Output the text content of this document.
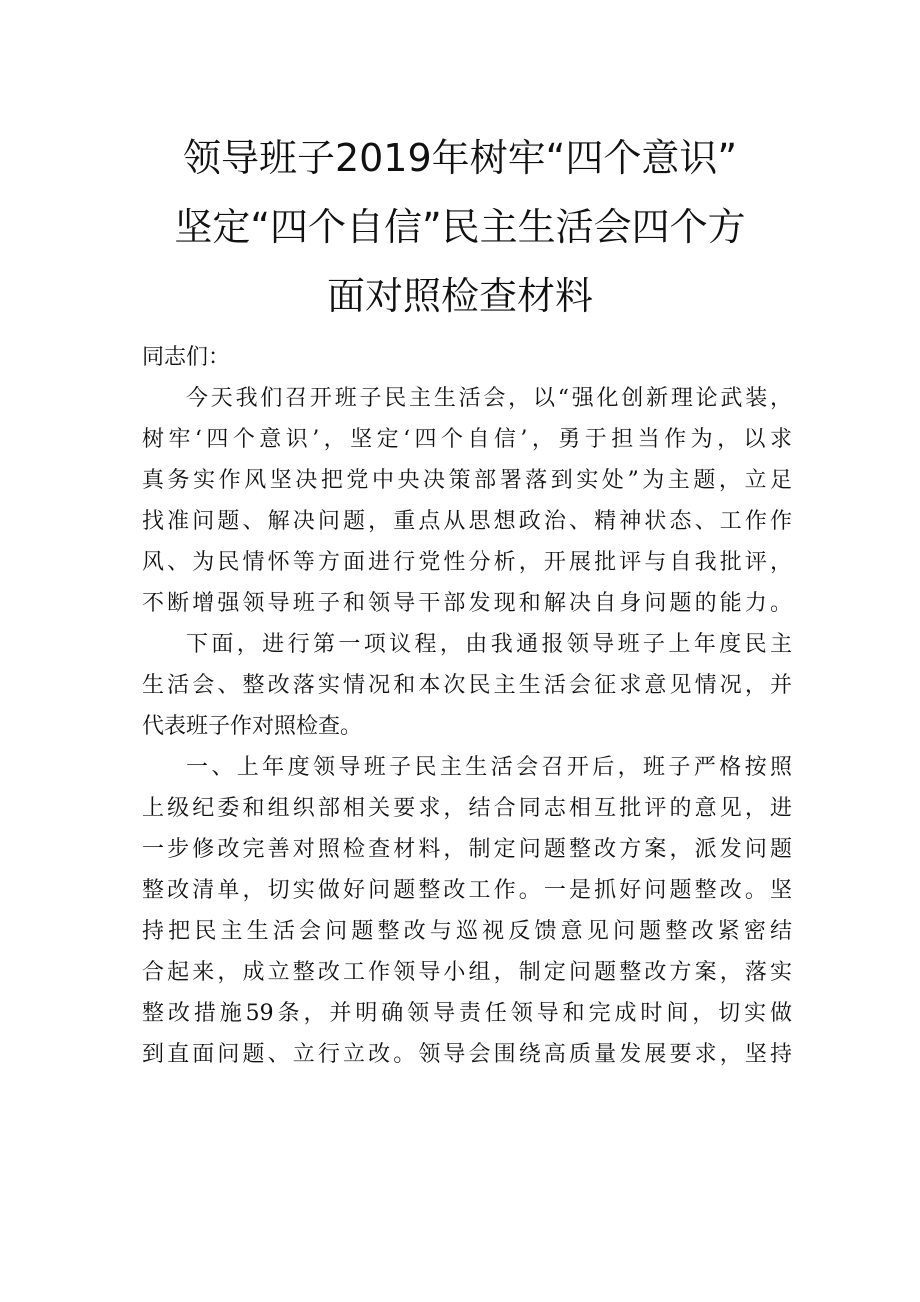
领导班子2019年树牢“四个意识”
坚定“四个自信”民主生活会四个方
面对照检查材料
同志们：
今天我们召开班子民主生活会，以“强化创新理论武装，
树牢‘四个意识’，坚定‘四个自信’，勇于担当作为，以求
真务实作风坚决把党中央决策部署落到实处”为主题，立足
找准问题、解决问题，重点从思想政治、精神状态、工作作
风、为民情怀等方面进行党性分析，开展批评与自我批评，
不断增强领导班子和领导干部发现和解决自身问题的能力。
下面，进行第一项议程，由我通报领导班子上年度民主
生活会、整改落实情况和本次民主生活会征求意见情况，并
代表班子作对照检查。
一、上年度领导班子民主生活会召开后，班子严格按照
上级纪委和组织部相关要求，结合同志相互批评的意见，进
一步修改完善对照检查材料，制定问题整改方案，派发问题
整改清单，切实做好问题整改工作。一是抓好问题整改。坚
持把民主生活会问题整改与巡视反馈意见问题整改紧密结
合起来，成立整改工作领导小组，制定问题整改方案，落实
整改措施59条，并明确领导责任领导和完成时间，切实做
到直面问题、立行立改。领导会围绕高质量发展要求，坚持
